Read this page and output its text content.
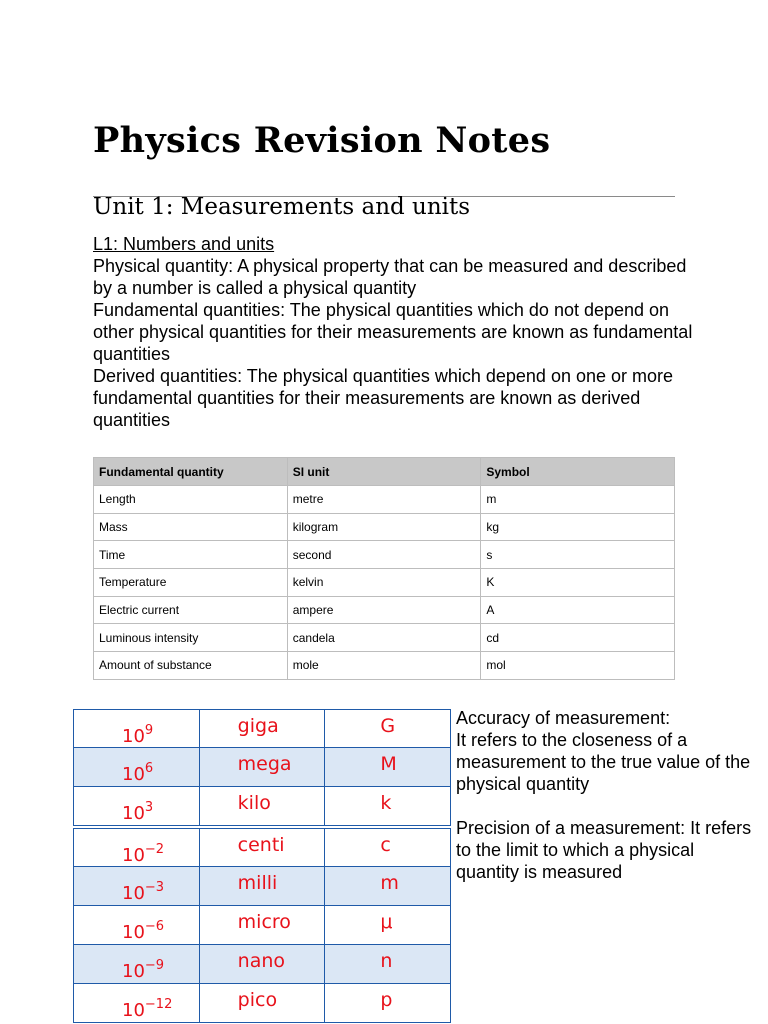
Physics Revision Notes
Unit 1: Measurements and units
L1: Numbers and units
Physical quantity: A physical property that can be measured and described by a number is called a physical quantity
Fundamental quantities: The physical quantities which do not depend on other physical quantities for their measurements are known as fundamental quantities
Derived quantities: The physical quantities which depend on one or more fundamental quantities for their measurements are known as derived quantities
Fundamental quantity	SI unit	Symbol
Length	metre	m
Mass	kilogram	kg
Time	second	s
Temperature	kelvin	K
Electric current	ampere	A
Luminous intensity	candela	cd
Amount of substance	mole	mol
$10^9$	giga	G
$10^6$	mega	M
$10^3$	kilo	k
$10^{-2}$	centi	c
$10^{-3}$	milli	m
$10^{-6}$	micro	μ
$10^{-9}$	nano	n
$10^{-12}$	pico	p
Accuracy of measurement:
It refers to the closeness of a measurement to the true value of the physical quantity
Precision of a measurement: It refers to the limit to which a physical quantity is measured
